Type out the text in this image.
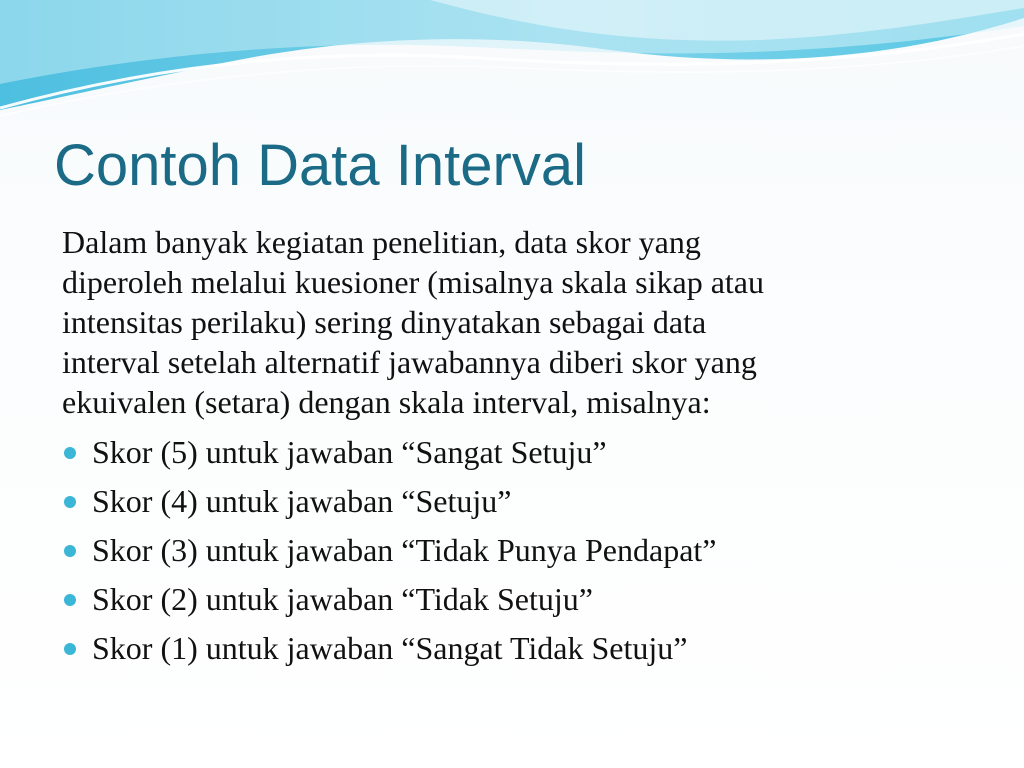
Contoh Data Interval

Dalam banyak kegiatan penelitian, data skor yang
diperoleh melalui kuesioner (misalnya skala sikap atau
intensitas perilaku) sering dinyatakan sebagai data
interval setelah alternatif jawabannya diberi skor yang
ekuivalen (setara) dengan skala interval, misalnya:

Skor (5) untuk jawaban “Sangat Setuju”
Skor (4) untuk jawaban “Setuju”
Skor (3) untuk jawaban “Tidak Punya Pendapat”
Skor (2) untuk jawaban “Tidak Setuju”
Skor (1) untuk jawaban “Sangat Tidak Setuju”
